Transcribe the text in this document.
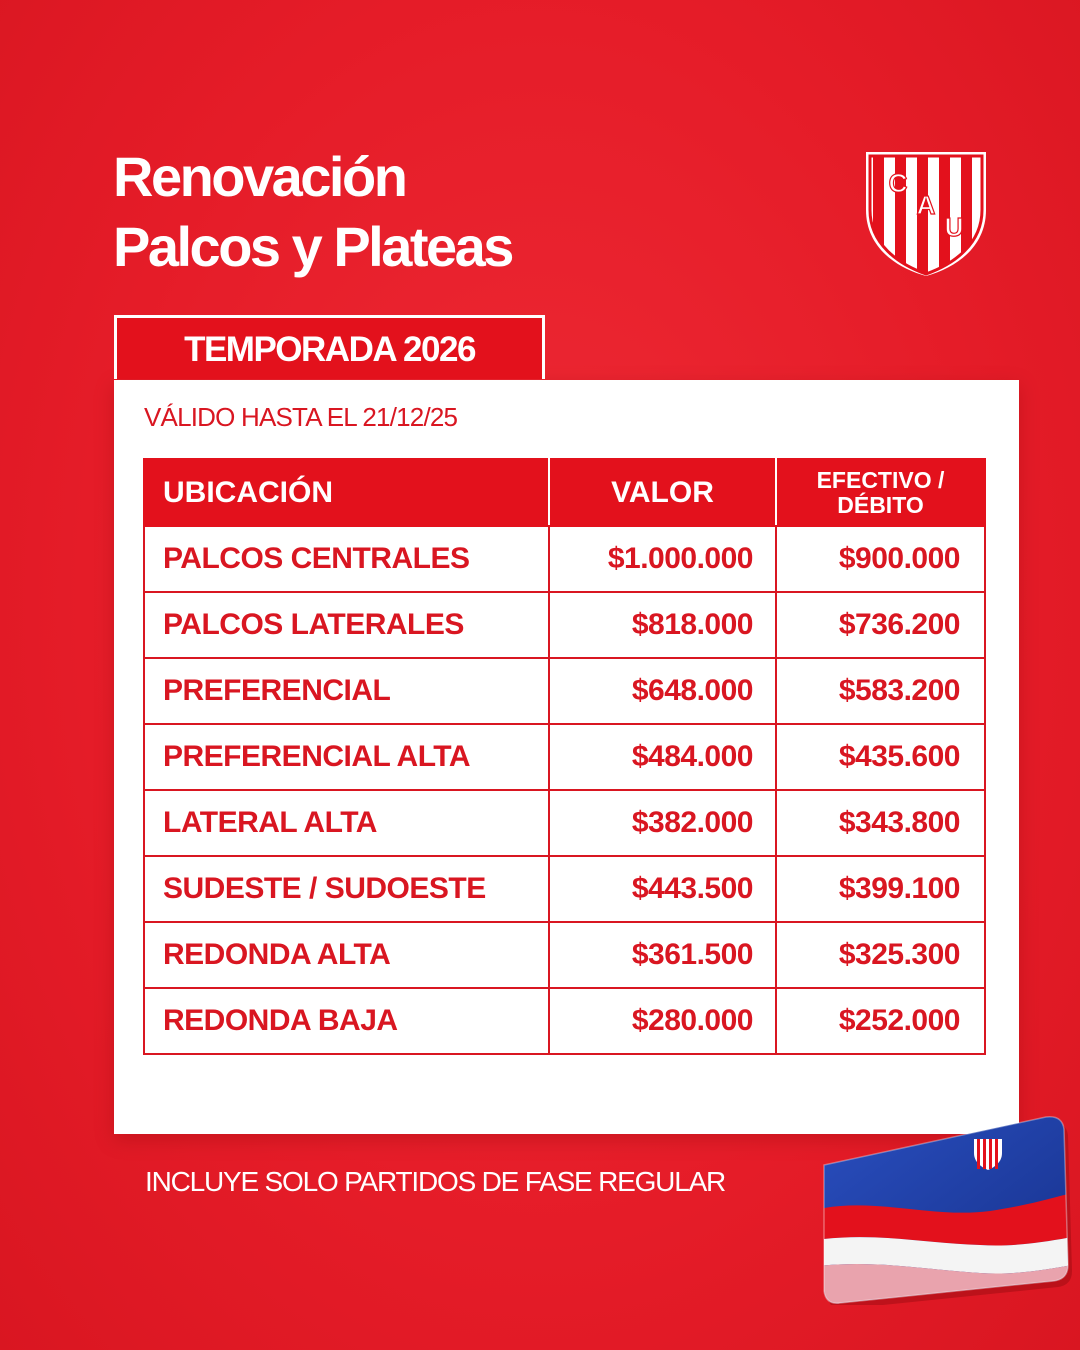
Renovación
Palcos y Plateas
C
A
U
TEMPORADA 2026
VÁLIDO HASTA EL 21/12/25
UBICACIÓN	VALOR	EFECTIVO /
DÉBITO

PALCOS CENTRALES	$1.000.000	$900.000
PALCOS LATERALES	$818.000	$736.200
PREFERENCIAL	$648.000	$583.200
PREFERENCIAL ALTA	$484.000	$435.600
LATERAL ALTA	$382.000	$343.800
SUDESTE / SUDOESTE	$443.500	$399.100
REDONDA ALTA	$361.500	$325.300
REDONDA BAJA	$280.000	$252.000
INCLUYE SOLO PARTIDOS DE FASE REGULAR
